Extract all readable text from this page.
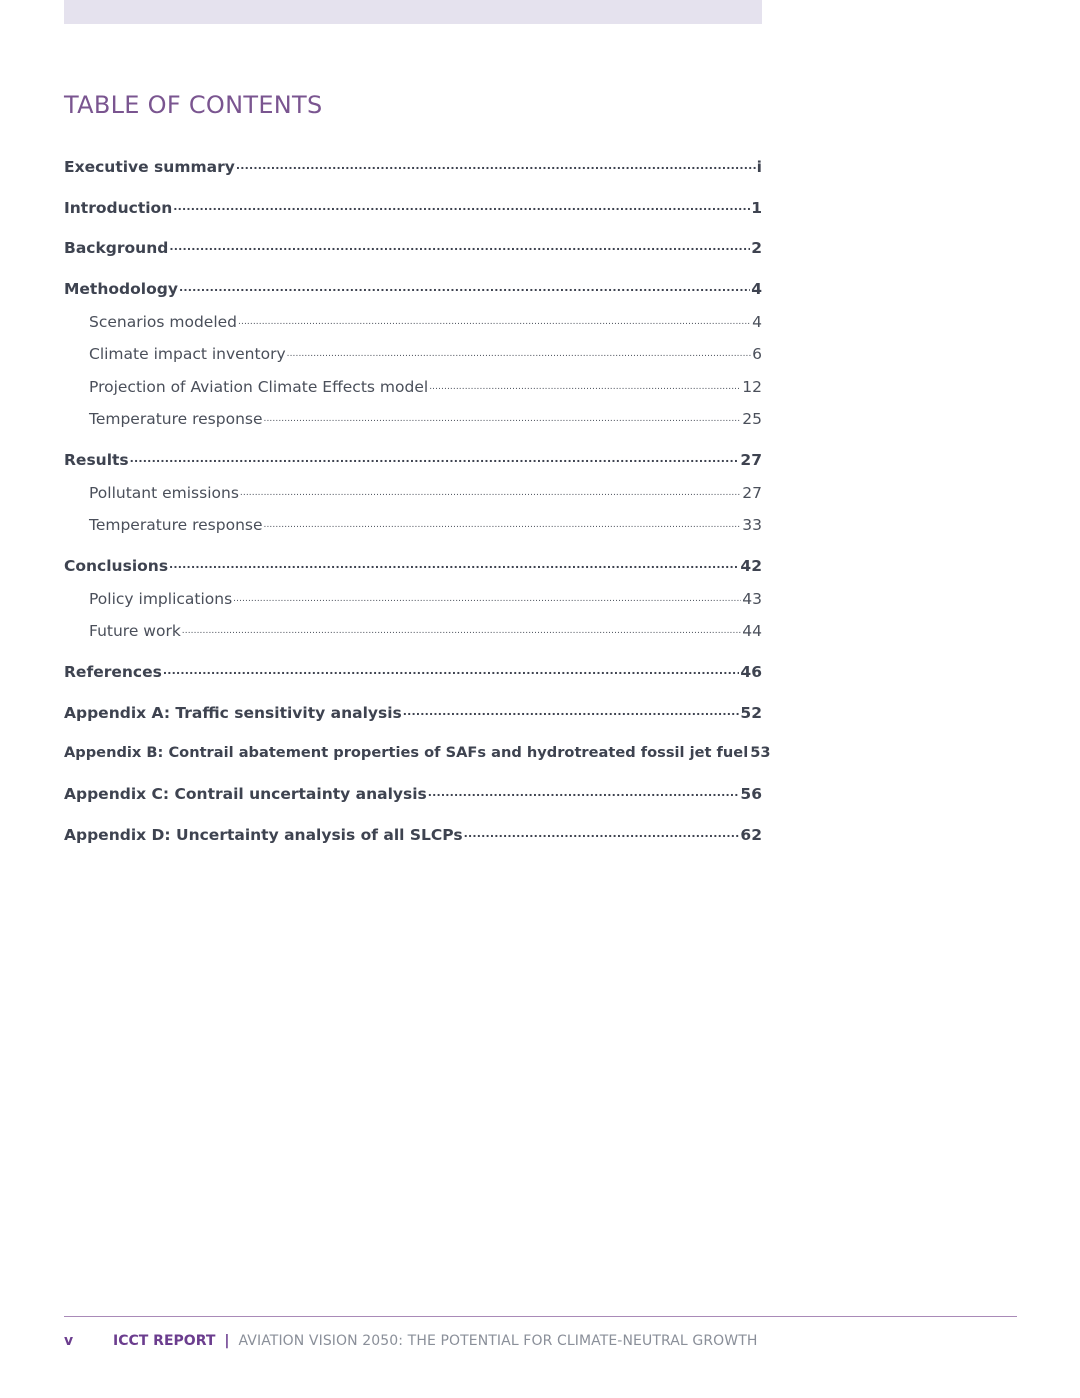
TABLE OF CONTENTS
Executive summary .....	i
Introduction .....	1
Background .....	2
Methodology .....	4
Scenarios modeled .....	4
Climate impact inventory .....	6
Projection of Aviation Climate Effects model .....	12
Temperature response .....	25
Results .....	27
Pollutant emissions .....	27
Temperature response .....	33
Conclusions .....	42
Policy implications .....	43
Future work .....	44
References .....	46
Appendix A: Traffic sensitivity analysis .....	52
Appendix B: Contrail abatement properties of SAFs and hydrotreated fossil jet fuel 53
Appendix C: Contrail uncertainty analysis .....	56
Appendix D: Uncertainty analysis of all SLCPs .....	62
v	ICCT REPORT | AVIATION VISION 2050: THE POTENTIAL FOR CLIMATE-NEUTRAL GROWTH
